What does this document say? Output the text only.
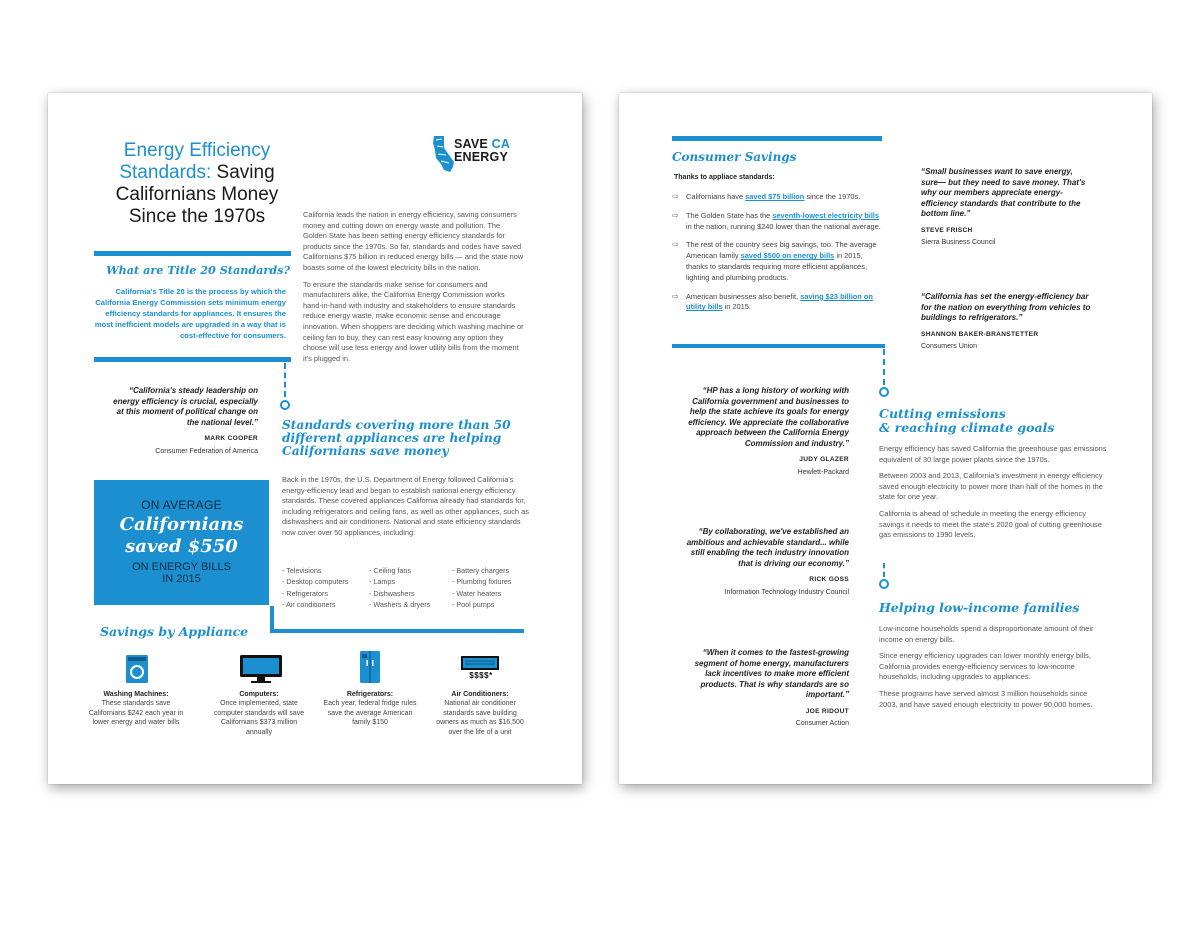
Energy Efficiency
Standards: Saving
Californians Money
Since the 1970s
SAVE CA
ENERGY

California leads the nation in energy efficiency, saving consumers money and cutting down on energy waste and pollution. The Golden State has been setting energy efficiency standards for products since the 1970s. So far, standards and codes have saved Californians $75 billion in reduced energy bills — and the state now boasts some of the lowest electricity bills in the nation.

To ensure the standards make sense for consumers and manufacturers alike, the California Energy Commission works hand-in-hand with industry and stakeholders to ensure standards reduce energy waste, make economic sense and encourage innovation. When shoppers are deciding which washing machine or ceiling fan to buy, they can rest easy knowing any option they choose will use less energy and lower utility bills from the moment it's plugged in.

What are Title 20 Standards?
California's Title 20 is the process by which the California Energy Commission sets minimum energy efficiency standards for appliances. It ensures the most inefficient models are upgraded in a way that is cost-effective for consumers.
“California's steady leadership on energy efficiency is crucial, especially at this moment of political change on the national level.”
MARK COOPER
Consumer Federation of America
Standards covering more than 50 different appliances are helping Californians save money
Back in the 1970s, the U.S. Department of Energy followed California's energy-efficiency lead and began to establish national energy efficiency standards. These covered appliances California already had standards for, including refrigerators and ceiling fans, as well as other appliances, such as dishwashers and air conditioners. National and state efficiency standards now cover over 50 appliances, including:
- Televisions
- Desktop computers
- Refrigerators
- Air conditioners
- Ceiling fans
- Lamps
- Dishwashers
- Washers & dryers
- Battery chargers
- Plumbing fixtures
- Water heaters
- Pool pumps
ON AVERAGE
Californians
saved $550
ON ENERGY BILLS
IN 2015
Savings by Appliance
$$$$*
Washing Machines:
These standards save Californians $242 each year in lower energy and water bills
Computers:
Once implemented, state computer standards will save Californians $373 million annually
Refrigerators:
Each year, federal fridge rules save the average American family $150
Air Conditioners:
National air conditioner standards save building owners as much as $16,500 over the life of a unit
Consumer Savings
Thanks to appliace standards:
⇨ Californians have saved $75 billion since the 1970s.
⇨ The Golden State has the seventh-lowest electricity bills in the nation, running $240 lower than the national average.
⇨ The rest of the country sees big savings, too. The average American family saved $500 on energy bills in 2015, thanks to standards requiring more efficient appliances, lighting and plumbing products.
⇨ American businesses also benefit, saving $23 billion on utility bills in 2015.
“Small businesses want to save energy, sure— but they need to save money. That's why our members appreciate energy-efficiency standards that contribute to the bottom line.”
STEVE FRISCH
Sierra Business Council
“California has set the energy-efficiency bar for the nation on everything from vehicles to buildings to refrigerators.”
SHANNON BAKER-BRANSTETTER
Consumers Union
“HP has a long history of working with California government and businesses to help the state achieve its goals for energy efficiency. We appreciate the collaborative approach between the California Energy Commission and industry.”
JUDY GLAZER
Hewlett-Packard
“By collaborating, we've established an ambitious and achievable standard... while still enabling the tech industry innovation that is driving our economy.”
RICK GOSS
Information Technology Industry Council
“When it comes to the fastest-growing segment of home energy, manufacturers lack incentives to make more efficient products. That is why standards are so important.”
JOE RIDOUT
Consumer Action
Cutting emissions
& reaching climate goals

Energy efficiency has saved California the greenhouse gas emissions equivalent of 30 large power plants since the 1970s.

Between 2003 and 2013, California's investment in energy efficiency saved enough electricity to power more than half of the homes in the state for one year.

California is ahead of schedule in meeting the energy efficiency savings it needs to meet the state's 2020 goal of cutting greenhouse gas emissions to 1990 levels.

Helping low-income families

Low-income households spend a disproportionate amount of their income on energy bills.

Since energy efficiency upgrades can lower monthly energy bills, California provides energy-efficiency services to low-income households, including upgrades to appliances.

These programs have served almost 3 million households since 2003, and have saved enough electricity to power 90,000 homes.
